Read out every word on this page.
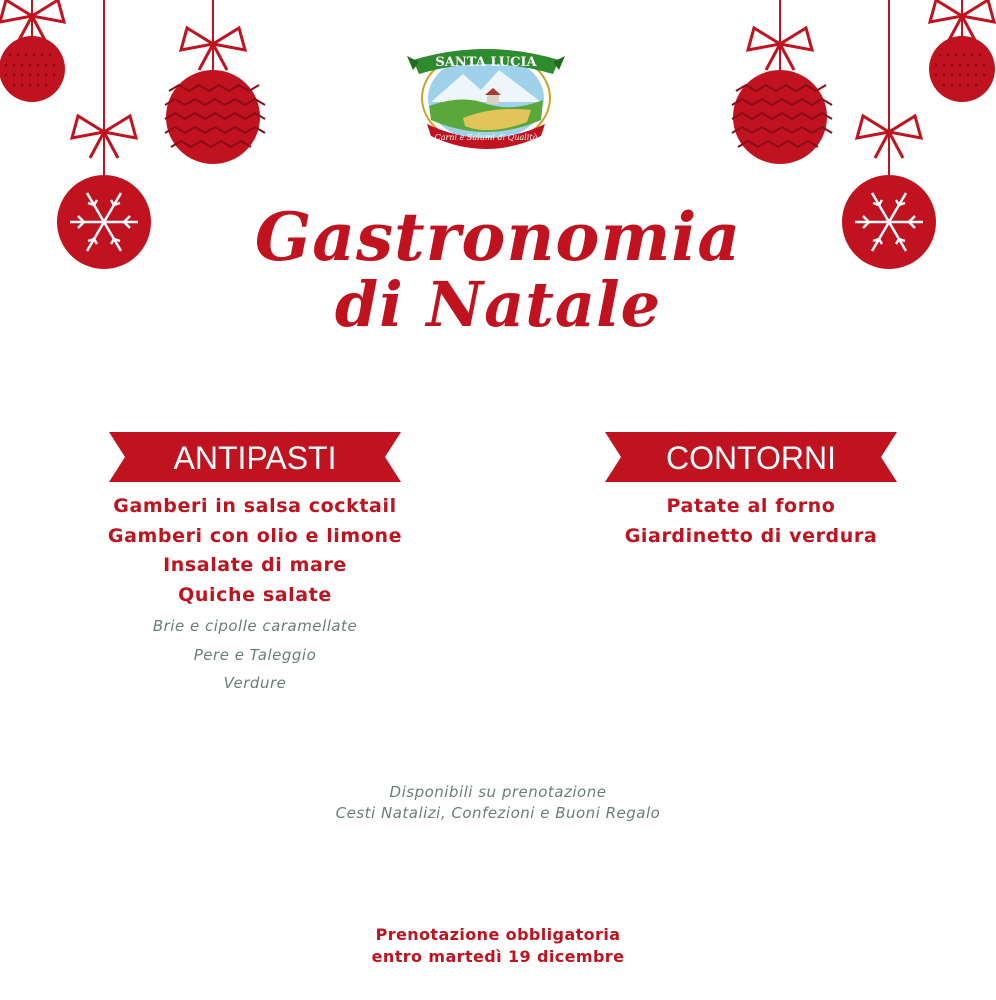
SANTA LUCIA
Carni e Salumi di Qualità
Gastronomia
di Natale
ANTIPASTI	CONTORNI
Gamberi in salsa cocktail
Gamberi con olio e limone
Insalate di mare
Quiche salate
Brie e cipolle caramellate
Pere e Taleggio
Verdure
Patate al forno
Giardinetto di verdura
Disponibili su prenotazione
Cesti Natalizi, Confezioni e Buoni Regalo
Prenotazione obbligatoria
entro martedì 19 dicembre
